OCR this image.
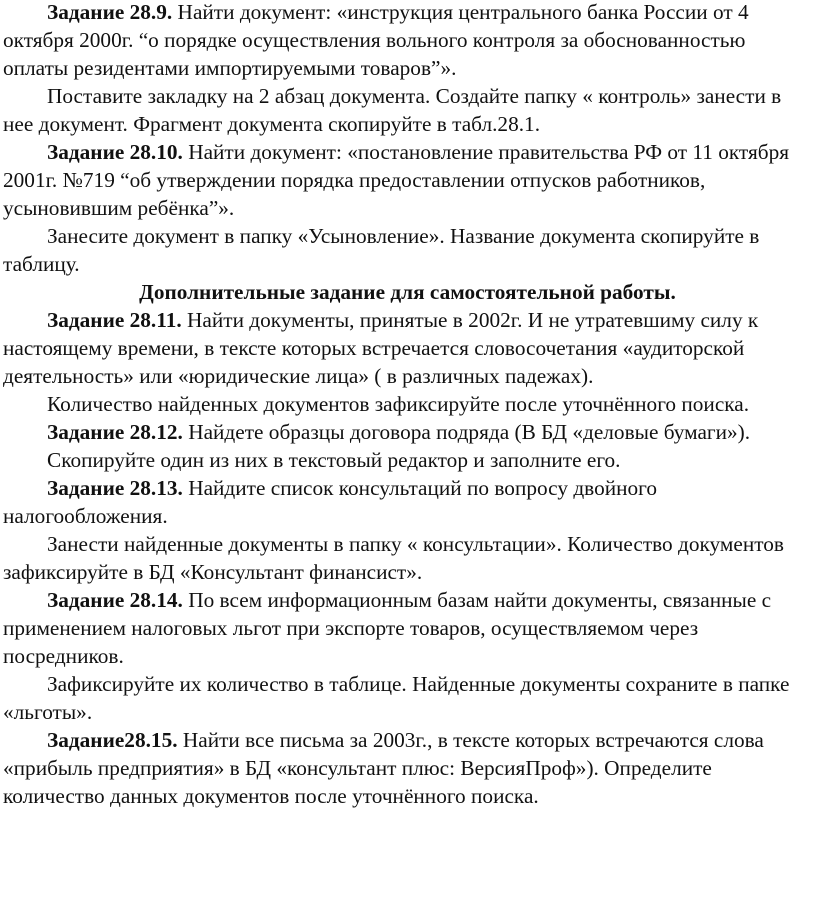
Задание 28.9. Найти документ: «инструкция центрального банка России от 4 октября 2000г. “о порядке осуществления вольного контроля за обоснованностью оплаты резидентами импортируемыми товаров”».

Поставите закладку на 2 абзац документа. Создайте папку « контроль» занести в нее документ. Фрагмент документа скопируйте в табл.28.1.

Задание 28.10. Найти документ: «постановление правительства РФ от 11 октября 2001г. №719 “об утверждении порядка предоставлении отпусков работников, усыновившим ребёнка”».

Занесите документ в папку «Усыновление». Название документа скопируйте в таблицу.

Дополнительные задание для самостоятельной работы.

Задание 28.11. Найти документы, принятые в 2002г. И не утратевшиму силу к настоящему времени, в тексте которых встречается словосочетания «аудиторской деятельность» или «юридические лица» ( в различных падежах).

Количество найденных документов зафиксируйте после уточнённого поиска.

Задание 28.12. Найдете образцы договора подряда (В БД «деловые бумаги»).

Скопируйте один из них в текстовый редактор и заполните его.

Задание 28.13. Найдите список консультаций по вопросу двойного налогообложения.

Занести найденные документы в папку « консультации». Количество документов зафиксируйте в БД «Консультант финансист».

Задание 28.14. По всем информационным базам найти документы, связанные с применением налоговых льгот при экспорте товаров, осуществляемом через посредников.

Зафиксируйте их количество в таблице. Найденные документы сохраните в папке «льготы».

Задание28.15. Найти все письма за 2003г., в тексте которых встречаются слова «прибыль предприятия» в БД «консультант плюс: ВерсияПроф»). Определите количество данных документов после уточнённого поиска.
